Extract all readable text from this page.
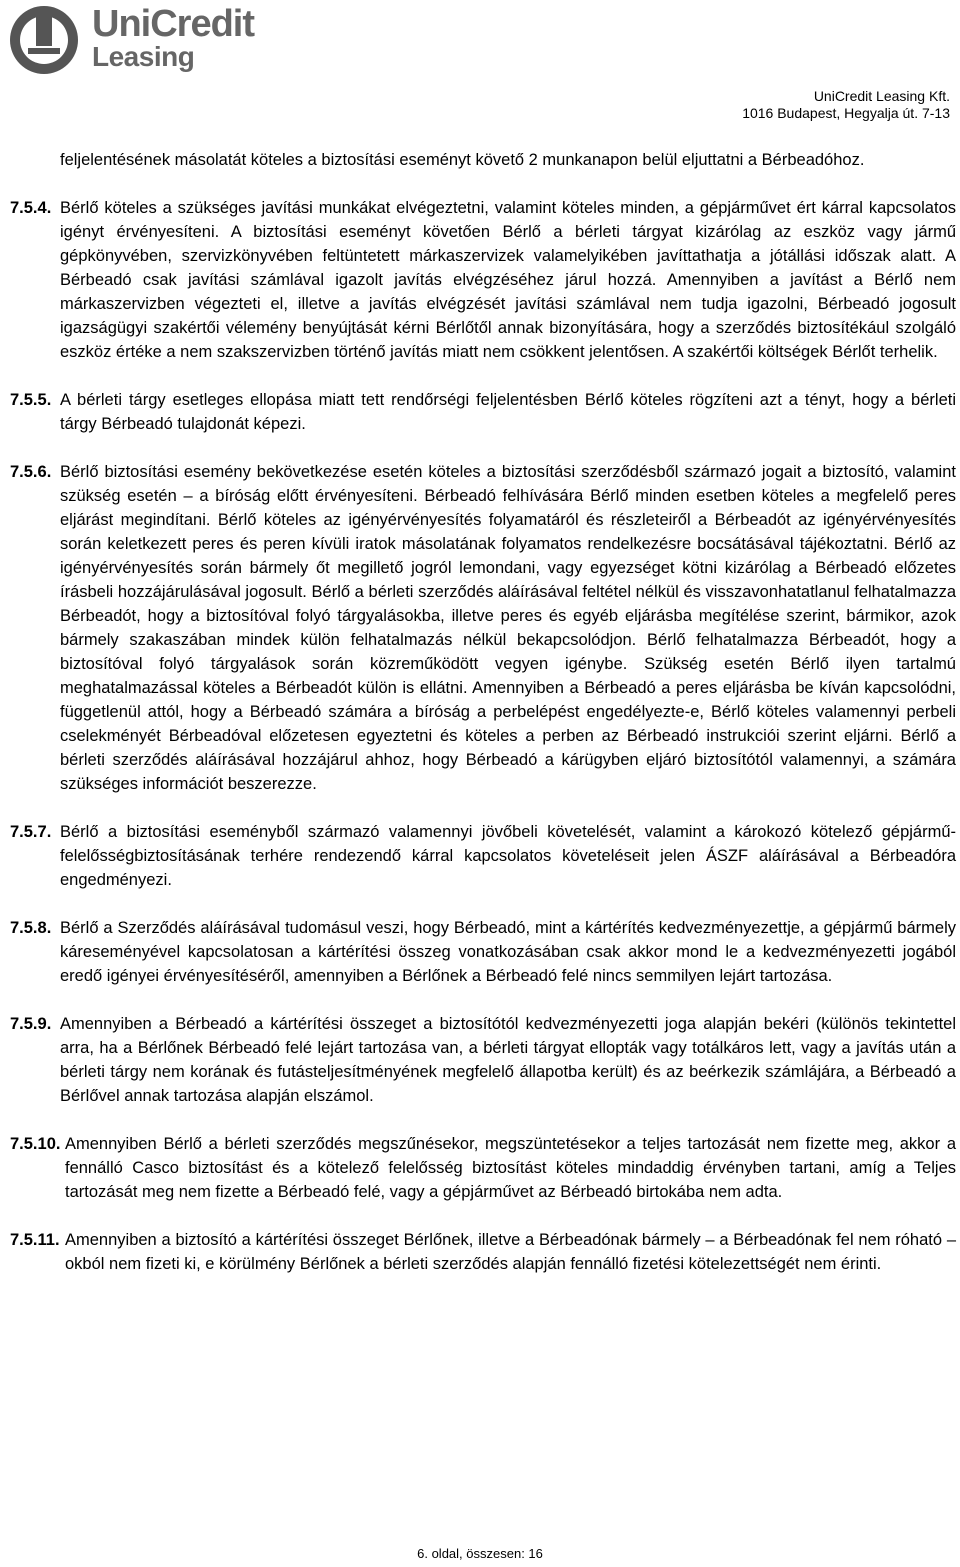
UniCredit
Leasing
UniCredit Leasing Kft.
1016 Budapest, Hegyalja út. 7-13
feljelentésének másolatát köteles a biztosítási eseményt követő 2 munkanapon belül eljuttatni a Bérbeadóhoz.
7.5.4. Bérlő köteles a szükséges javítási munkákat elvégeztetni, valamint köteles minden, a gépjárművet ért kárral kapcsolatos igényt érvényesíteni. A biztosítási eseményt követően Bérlő a bérleti tárgyat kizárólag az eszköz vagy jármű gépkönyvében, szervizkönyvében feltüntetett márkaszervizek valamelyikében javíttathatja a jótállási időszak alatt. A Bérbeadó csak javítási számlával igazolt javítás elvégzéséhez járul hozzá. Amennyiben a javítást a Bérlő nem márkaszervizben végezteti el, illetve a javítás elvégzését javítási számlával nem tudja igazolni, Bérbeadó jogosult igazságügyi szakértői vélemény benyújtását kérni Bérlőtől annak bizonyítására, hogy a szerződés biztosítékául szolgáló eszköz értéke a nem szakszervizben történő javítás miatt nem csökkent jelentősen. A szakértői költségek Bérlőt terhelik.
7.5.5. A bérleti tárgy esetleges ellopása miatt tett rendőrségi feljelentésben Bérlő köteles rögzíteni azt a tényt, hogy a bérleti tárgy Bérbeadó tulajdonát képezi.
7.5.6. Bérlő biztosítási esemény bekövetkezése esetén köteles a biztosítási szerződésből származó jogait a biztosító, valamint szükség esetén – a bíróság előtt érvényesíteni. Bérbeadó felhívására Bérlő minden esetben köteles a megfelelő peres eljárást megindítani. Bérlő köteles az igényérvényesítés folyamatáról és részleteiről a Bérbeadót az igényérvényesítés során keletkezett peres és peren kívüli iratok másolatának folyamatos rendelkezésre bocsátásával tájékoztatni. Bérlő az igényérvényesítés során bármely őt megillető jogról lemondani, vagy egyezséget kötni kizárólag a Bérbeadó előzetes írásbeli hozzájárulásával jogosult. Bérlő a bérleti szerződés aláírásával feltétel nélkül és visszavonhatatlanul felhatalmazza Bérbeadót, hogy a biztosítóval folyó tárgyalásokba, illetve peres és egyéb eljárásba megítélése szerint, bármikor, azok bármely szakaszában mindek külön felhatalmazás nélkül bekapcsolódjon. Bérlő felhatalmazza Bérbeadót, hogy a biztosítóval folyó tárgyalások során közreműködött vegyen igénybe. Szükség esetén Bérlő ilyen tartalmú meghatalmazással köteles a Bérbeadót külön is ellátni. Amennyiben a Bérbeadó a peres eljárásba be kíván kapcsolódni, függetlenül attól, hogy a Bérbeadó számára a bíróság a perbelépést engedélyezte-e, Bérlő köteles valamennyi perbeli cselekményét Bérbeadóval előzetesen egyeztetni és köteles a perben az Bérbeadó instrukciói szerint eljárni. Bérlő a bérleti szerződés aláírásával hozzájárul ahhoz, hogy Bérbeadó a kárügyben eljáró biztosítótól valamennyi, a számára szükséges információt beszerezze.
7.5.7. Bérlő a biztosítási eseményből származó valamennyi jövőbeli követelését, valamint a károkozó kötelező gépjármű-felelősségbiztosításának terhére rendezendő kárral kapcsolatos követeléseit jelen ÁSZF aláírásával a Bérbeadóra engedményezi.
7.5.8. Bérlő a Szerződés aláírásával tudomásul veszi, hogy Bérbeadó, mint a kártérítés kedvezményezettje, a gépjármű bármely káreseményével kapcsolatosan a kártérítési összeg vonatkozásában csak akkor mond le a kedvezményezetti jogából eredő igényei érvényesítéséről, amennyiben a Bérlőnek a Bérbeadó felé nincs semmilyen lejárt tartozása.
7.5.9. Amennyiben a Bérbeadó a kártérítési összeget a biztosítótól kedvezményezetti joga alapján bekéri (különös tekintettel arra, ha a Bérlőnek Bérbeadó felé lejárt tartozása van, a bérleti tárgyat ellopták vagy totálkáros lett, vagy a javítás után a bérleti tárgy nem korának és futásteljesítményének megfelelő állapotba került) és az beérkezik számlájára, a Bérbeadó a Bérlővel annak tartozása alapján elszámol.
7.5.10. Amennyiben Bérlő a bérleti szerződés megszűnésekor, megszüntetésekor a teljes tartozását nem fizette meg, akkor a fennálló Casco biztosítást és a kötelező felelősség biztosítást köteles mindaddig érvényben tartani, amíg a Teljes tartozását meg nem fizette a Bérbeadó felé, vagy a gépjárművet az Bérbeadó birtokába nem adta.
7.5.11. Amennyiben a biztosító a kártérítési összeget Bérlőnek, illetve a Bérbeadónak bármely – a Bérbeadónak fel nem róható – okból nem fizeti ki, e körülmény Bérlőnek a bérleti szerződés alapján fennálló fizetési kötelezettségét nem érinti.
6. oldal, összesen: 16
